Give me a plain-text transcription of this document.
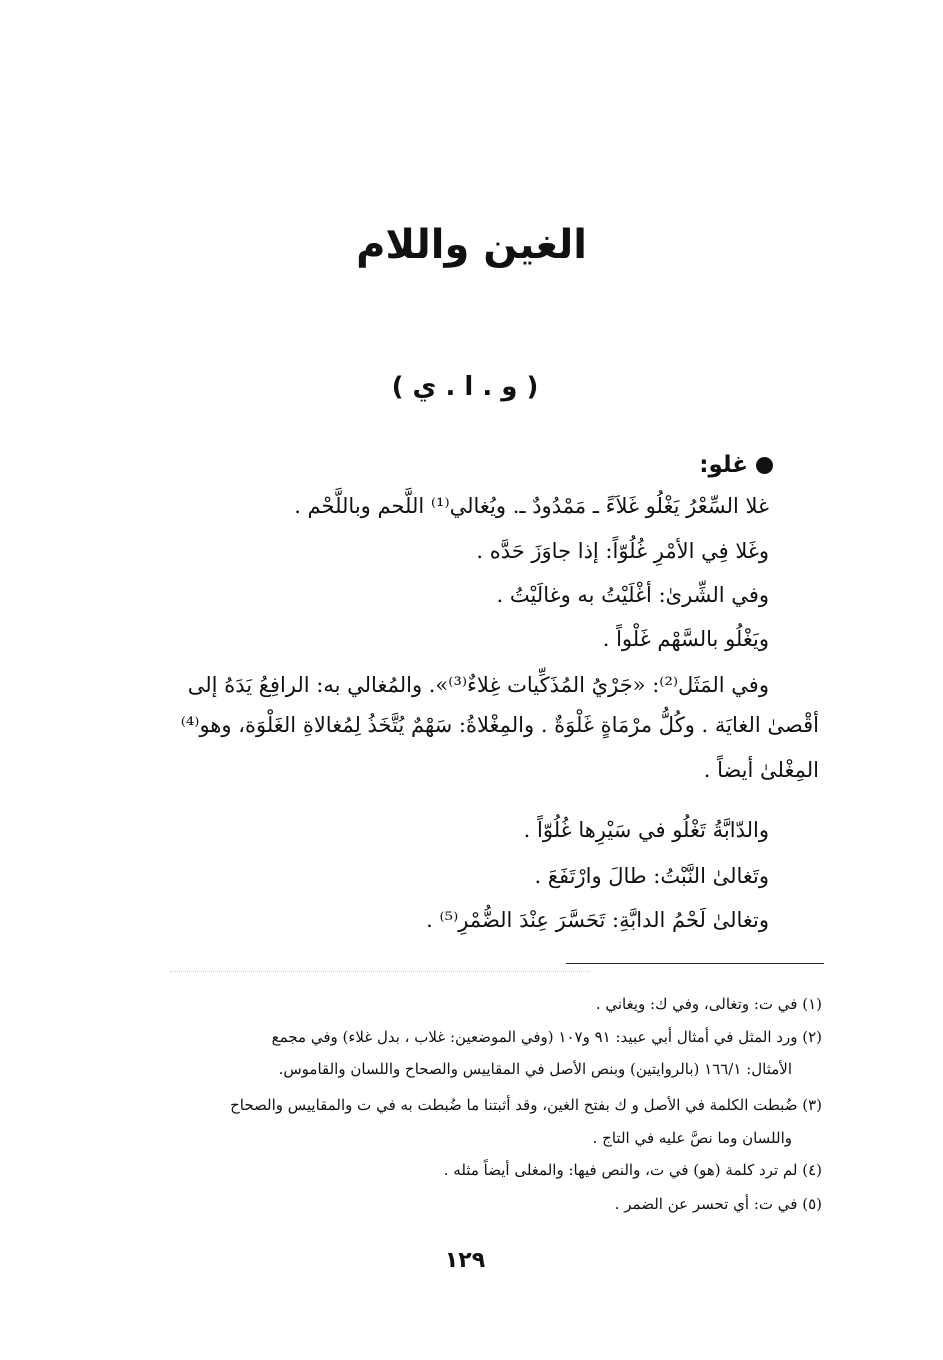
الغين واللام
( و . ا . ي )
غلو:
غلا السِّعْرُ يَغْلُو غَلاَءً ـ مَمْدُودٌ ـ. ويُغالي⁽¹⁾ اللَّحم وباللَّحْم .
وغَلا فِي الأمْرِ غُلُوّاً: إذا جاوَزَ حَدَّه .
وفي الشِّرىٰ: أغْلَيْتُ به وغالَيْتُ .
ويَغْلُو بالسَّهْم غَلْواً .
وفي المَثَل⁽²⁾: «جَرْيُ المُذَكِّيات غِلاءٌ⁽³⁾». والمُغالي به: الرافِعُ يَدَهُ إلى
أقْصىٰ الغايَة . وكُلُّ مرْمَاةٍ غَلْوَةٌ . والمِغْلاةُ: سَهْمٌ يُتَّخَذُ لِمُغالاةِ الغَلْوَة، وهو⁽⁴⁾
المِغْلىٰ أيضاً .
والدّابَّةُ تَغْلُو في سَيْرِها غُلُوّاً .
وتَغالىٰ النَّبْتُ: طالَ وارْتَفَعَ .
وتغالىٰ لَحْمُ الدابَّةِ: تَحَسَّرَ عِنْدَ الضُّمْرِ⁽⁵⁾ .
(١) في ت: وتغالى، وفي ك: ويغاني .
(٢) ورد المثل في أمثال أبي عبيد: ٩١ و١٠٧ (وفي الموضعين: غلاب ، بدل غلاء) وفي مجمع
الأمثال: ١٦٦/١ (بالروايتين) وبنص الأصل في المقاييس والصحاح واللسان والقاموس.
(٣) ضُبطت الكلمة في الأصل و ك بفتح الغين، وقد أثبتنا ما ضُبطت به في ت والمقاييس والصحاح
واللسان وما نصَّ عليه في التاج .
(٤) لم ترد كلمة (هو) في ت، والنص فيها: والمغلى أيضاً مثله .
(٥) في ت: أي تحسر عن الضمر .
١٢٩
